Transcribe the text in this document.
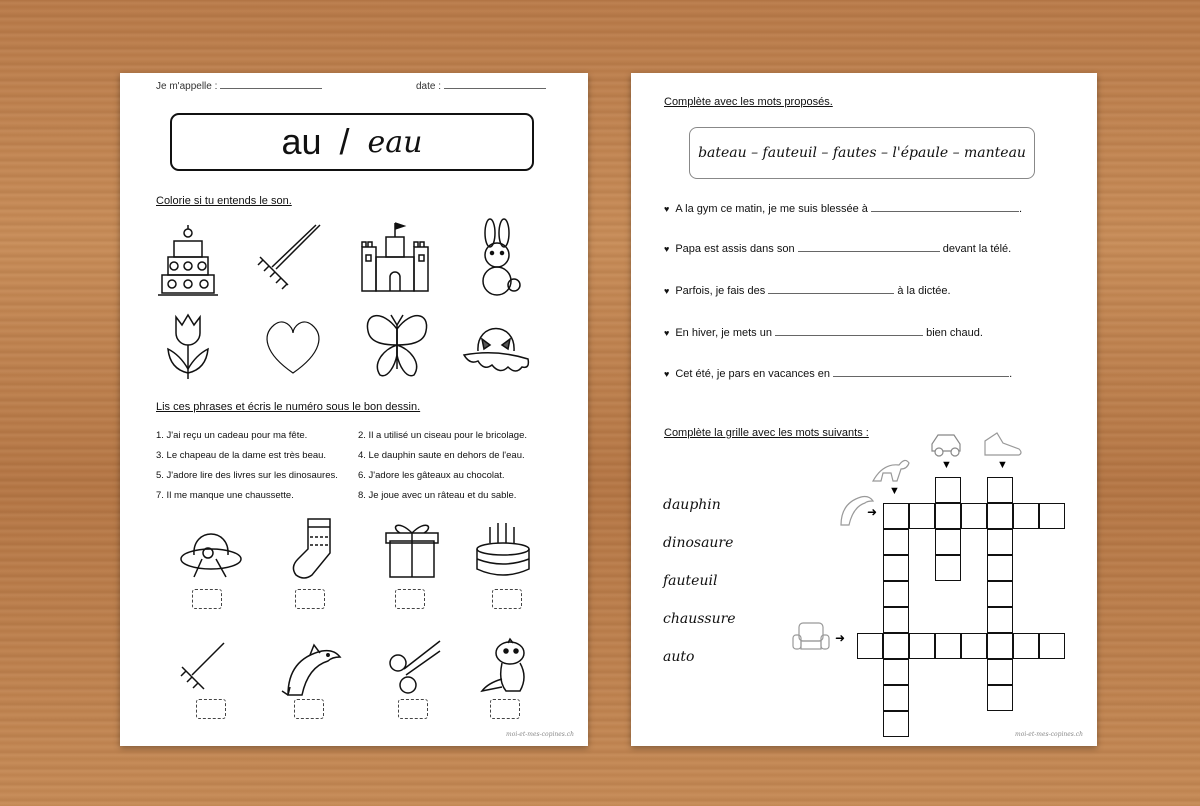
Je m'appelle :	date :
au / eau
Colorie si tu entends le son.
Lis ces phrases et écris le numéro sous le bon dessin.
1. J'ai reçu un cadeau pour ma fête.
3. Le chapeau de la dame est très beau.
5. J'adore lire des livres sur les dinosaures.
7. Il me manque une chaussette.
2. Il a utilisé un ciseau pour le bricolage.
4. Le dauphin saute en dehors de l'eau.
6. J'adore les gâteaux au chocolat.
8. Je joue avec un râteau et du sable.
moi-et-mes-copines.ch
Complète avec les mots proposés.
bateau – fauteuil – fautes – l'épaule – manteau
♥ A la gym ce matin, je me suis blessée à	.
♥ Papa est assis dans son	devant la télé.
♥ Parfois, je fais des	à la dictée.
♥ En hiver, je mets un	bien chaud.
♥ Cet été, je pars en vacances en	.
Complète la grille avec les mots suivants :
dauphin
dinosaure
fauteuil
chaussure
auto
➜
➜
▼
▼	▼
moi-et-mes-copines.ch
